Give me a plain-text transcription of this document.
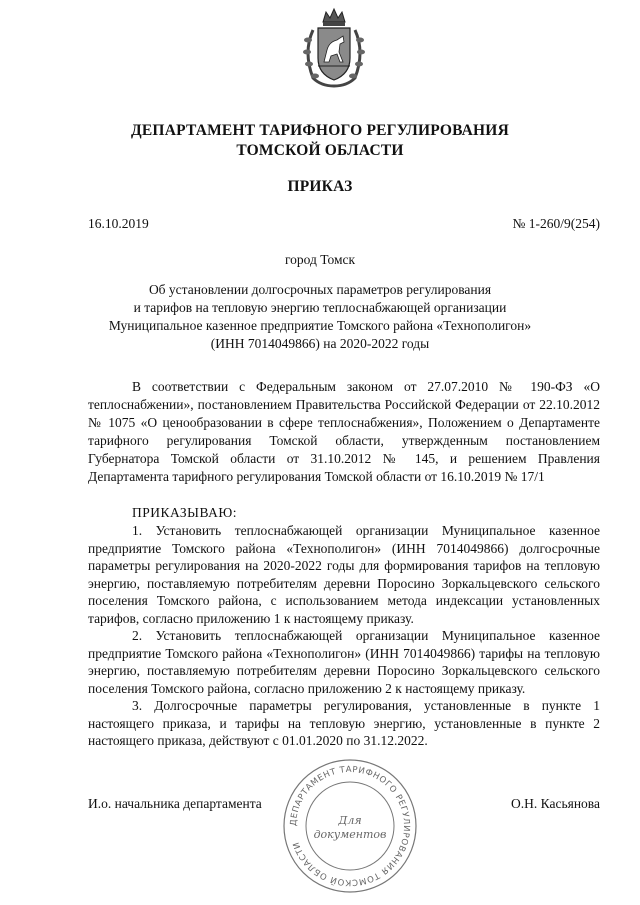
ДЕПАРТАМЕНТ ТАРИФНОГО РЕГУЛИРОВАНИЯ
ТОМСКОЙ ОБЛАСТИ
ПРИКАЗ
16.10.2019	№ 1-260/9(254)
город Томск
Об установлении долгосрочных параметров регулирования
и тарифов на тепловую энергию теплоснабжающей организации
Муниципальное казенное предприятие Томского района «Технополигон»
(ИНН 7014049866) на 2020-2022 годы

В соответствии с Федеральным законом от 27.07.2010 № 190-ФЗ «О теплоснабжении», постановлением Правительства Российской Федерации от 22.10.2012 № 1075 «О ценообразовании в сфере теплоснабжения», Положением о Департаменте тарифного регулирования Томской области, утвержденным постановлением Губернатора Томской области от 31.10.2012 № 145, и решением Правления Департамента тарифного регулирования Томской области от 16.10.2019 № 17/1

ПРИКАЗЫВАЮ:

1. Установить теплоснабжающей организации Муниципальное казенное предприятие Томского района «Технополигон» (ИНН 7014049866) долгосрочные параметры регулирования на 2020-2022 годы для формирования тарифов на тепловую энергию, поставляемую потребителям деревни Поросино Зоркальцевского сельского поселения Томского района, с использованием метода индексации установленных тарифов, согласно приложению 1 к настоящему приказу.

2. Установить теплоснабжающей организации Муниципальное казенное предприятие Томского района «Технополигон» (ИНН 7014049866) тарифы на тепловую энергию, поставляемую потребителям деревни Поросино Зоркальцевского сельского поселения Томского района, согласно приложению 2 к настоящему приказу.

3. Долгосрочные параметры регулирования, установленные в пункте 1 настоящего приказа, и тарифы на тепловую энергию, установленные в пункте 2 настоящего приказа, действуют с 01.01.2020 по 31.12.2022.

И.о. начальника департамента	О.Н. Касьянова
ДЕПАРТАМЕНТ ТАРИФНОГО РЕГУЛИРОВАНИЯ ТОМСКОЙ ОБЛАСТИ
Для
документов
